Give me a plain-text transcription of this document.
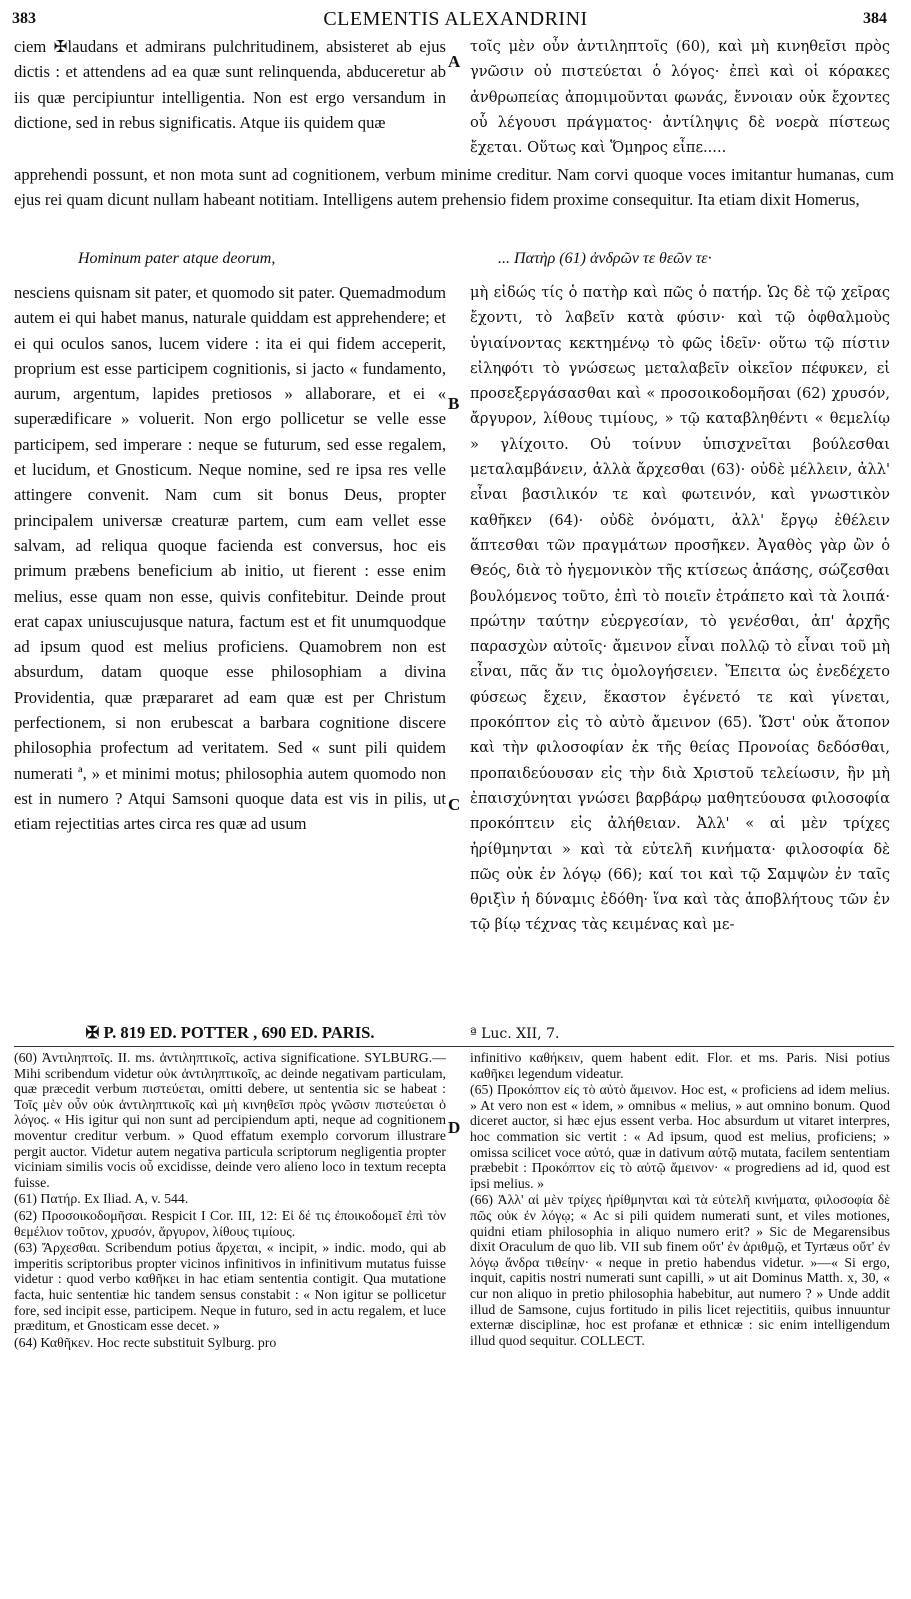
383	CLEMENTIS ALEXANDRINI	384

ciem ✠laudans et admirans pulchritudinem, absisteret ab ejus dictis : et attendens ad ea quæ sunt relinquenda, abduceretur ab iis quæ percipiuntur intelligentia. Non est ergo versandum in dictione, sed in rebus significatis. Atque iis quidem quæ

A

τοῖς μὲν οὖν ἀντιληπτοῖς (60), καὶ μὴ κινηθεῖσι πρὸς γνῶσιν οὐ πιστεύεται ὁ λόγος· ἐπεὶ καὶ οἱ κόρακες ἀνθρωπείας ἀπομιμοῦνται φωνάς, ἔννοιαν οὐκ ἔχοντες οὗ λέγουσι πράγματος· ἀντίληψις δὲ νοερὰ πίστεως ἔχεται. Οὕτως καὶ Ὅμηρος εἶπε.....

apprehendi possunt, et non mota sunt ad cognitionem, verbum minime creditur. Nam corvi quoque voces imitantur humanas, cum ejus rei quam dicunt nullam habeant notitiam. Intelligens autem prehensio fidem proxime consequitur. Ita etiam dixit Homerus,

Hominum pater atque deorum,	... Πατὴρ (61) ἀνδρῶν τε θεῶν τε·

nesciens quisnam sit pater, et quomodo sit pater. Quemadmodum autem ei qui habet manus, naturale quiddam est apprehendere; et ei qui oculos sanos, lucem videre : ita ei qui fidem acceperit, proprium est esse participem cognitionis, si jacto « fundamento, aurum, argentum, lapides pretiosos » allaborare, et ei « superædificare » voluerit. Non ergo pollicetur se velle esse participem, sed imperare : neque se futurum, sed esse regalem, et lucidum, et Gnosticum. Neque nomine, sed re ipsa res velle attingere convenit. Nam cum sit bonus Deus, propter principalem universæ creaturæ partem, cum eam vellet esse salvam, ad reliqua quoque facienda est conversus, hoc eis primum præbens beneficium ab initio, ut fierent : esse enim melius, esse quam non esse, quivis confitebitur. Deinde prout erat capax uniuscujusque natura, factum est et fit unumquodque ad ipsum quod est melius proficiens. Quamobrem non est absurdum, datam quoque esse philosophiam a divina Providentia, quæ præpararet ad eam quæ est per Christum perfectionem, si non erubescat a barbara cognitione discere philosophia profectum ad veritatem. Sed « sunt pili quidem numerati ª, » et minimi motus; philosophia autem quomodo non est in numero ? Atqui Samsoni quoque data est vis in pilis, ut etiam rejectitias artes circa res quæ ad usum

✠ P. 819 ED. POTTER , 690 ED. PARIS.
B
C

μὴ εἰδώς τίς ὁ πατὴρ καὶ πῶς ὁ πατήρ. Ὡς δὲ τῷ χεῖρας ἔχοντι, τὸ λαβεῖν κατὰ φύσιν· καὶ τῷ ὀφθαλμοὺς ὑγιαίνοντας κεκτημένῳ τὸ φῶς ἰδεῖν· οὕτω τῷ πίστιν εἰληφότι τὸ γνώσεως μεταλαβεῖν οἰκεῖον πέφυκεν, εἰ προσεξεργάσασθαι καὶ « προσοικοδομῆσαι (62) χρυσόν, ἄργυρον, λίθους τιμίους, » τῷ καταβληθέντι « θεμελίῳ » γλίχοιτο. Οὐ τοίνυν ὑπισχνεῖται βούλεσθαι μεταλαμβάνειν, ἀλλὰ ἄρχεσθαι (63)· οὐδὲ μέλλειν, ἀλλ' εἶναι βασιλικόν τε καὶ φωτεινόν, καὶ γνωστικὸν καθῆκεν (64)· οὐδὲ ὀνόματι, ἀλλ' ἔργῳ ἐθέλειν ἅπτεσθαι τῶν πραγμάτων προσῆκεν. Ἀγαθὸς γὰρ ὢν ὁ Θεός, διὰ τὸ ἡγεμονικὸν τῆς κτίσεως ἁπάσης, σώζεσθαι βουλόμενος τοῦτο, ἐπὶ τὸ ποιεῖν ἐτράπετο καὶ τὰ λοιπά· πρώτην ταύτην εὐεργεσίαν, τὸ γενέσθαι, ἀπ' ἀρχῆς παρασχὼν αὐτοῖς· ἄμεινον εἶναι πολλῷ τὸ εἶναι τοῦ μὴ εἶναι, πᾶς ἄν τις ὁμολογήσειεν. Ἔπειτα ὡς ἐνεδέχετο φύσεως ἔχειν, ἕκαστον ἐγένετό τε καὶ γίνεται, προκόπτον εἰς τὸ αὐτὸ ἄμεινον (65). Ὥστ' οὐκ ἄτοπον καὶ τὴν φιλοσοφίαν ἐκ τῆς θείας Προνοίας δεδόσθαι, προπαιδεύουσαν εἰς τὴν διὰ Χριστοῦ τελείωσιν, ἢν μὴ ἐπαισχύνηται γνώσει βαρβάρῳ μαθητεύουσα φιλοσοφία προκόπτειν εἰς ἀλήθειαν. Ἀλλ' « αἱ μὲν τρίχες ἠρίθμηνται » καὶ τὰ εὐτελῆ κινήματα· φιλοσοφία δὲ πῶς οὐκ ἐν λόγῳ (66); καί τοι καὶ τῷ Σαμψὼν ἐν ταῖς θριξὶν ἡ δύναμις ἐδόθη· ἵνα καὶ τὰς ἀποβλήτους τῶν ἐν τῷ βίῳ τέχνας τὰς κειμένας καὶ με-

ª Luc. XII, 7.

(60) Ἀντιληπτοῖς. II. ms. ἀντιληπτικοῖς, activa significatione. SYLBURG.— Mihi scribendum videtur οὐκ ἀντιληπτικοῖς, ac deinde negativam particulam, quæ præcedit verbum πιστεύεται, omitti debere, ut sententia sic se habeat : Τοῖς μὲν οὖν οὐκ ἀντιληπτικοῖς καὶ μὴ κινηθεῖσι πρὸς γνῶσιν πιστεύεται ὁ λόγος. « His igitur qui non sunt ad percipiendum apti, neque ad cognitionem moventur creditur verbum. » Quod effatum exemplo corvorum illustrare pergit auctor. Videtur autem negativa particula scriptorum negligentia propter viciniam similis vocis οὗ excidisse, deinde vero alieno loco in textum recepta fuisse.

(61) Πατήρ. Ex Iliad. A, v. 544.

(62) Προσοικοδομῆσαι. Respicit I Cor. III, 12: Εἰ δέ τις ἐποικοδομεῖ ἐπὶ τὸν θεμέλιον τοῦτον, χρυσόν, ἄργυρον, λίθους τιμίους.

(63) Ἄρχεσθαι. Scribendum potius ἄρχεται, « incipit, » indic. modo, qui ab imperitis scriptoribus propter vicinos infinitivos in infinitivum mutatus fuisse videtur : quod verbo καθῆκει in hac etiam sententia contigit. Qua mutatione facta, huic sententiæ hic tandem sensus constabit : « Non igitur se pollicetur fore, sed incipit esse, participem. Neque in futuro, sed in actu regalem, et luce præditum, et Gnosticam esse decet. »

(64) Καθῆκεν. Hoc recte substituit Sylburg. pro

D

infinitivo καθήκειν, quem habent edit. Flor. et ms. Paris. Nisi potius καθῆκει legendum videatur.

(65) Προκόπτον εἰς τὸ αὐτὸ ἄμεινον. Hoc est, « proficiens ad idem melius. » At vero non est « idem, » omnibus « melius, » aut omnino bonum. Quod diceret auctor, si hæc ejus essent verba. Hoc absurdum ut vitaret interpres, hoc commation sic vertit : « Ad ipsum, quod est melius, proficiens; » omissa scilicet voce αὐτό, quæ in dativum αὐτῷ mutata, facilem sententiam præbebit : Προκόπτον εἰς τὸ αὐτῷ ἄμεινον· « progrediens ad id, quod est ipsi melius. »

(66) Ἀλλ' αἱ μὲν τρίχες ἠρίθμηνται καὶ τὰ εὐτελῆ κινήματα, φιλοσοφία δὲ πῶς οὐκ ἐν λόγῳ; « Ac si pili quidem numerati sunt, et viles motiones, quidni etiam philosophia in aliquo numero erit? » Sic de Megarensibus dixit Oraculum de quo lib. VII sub finem οὔτ' ἐν ἀριθμῷ, et Tyrtæus οὔτ' ἐν λόγῳ ἄνδρα τιθείην· « neque in pretio habendus videtur. »—« Si ergo, inquit, capitis nostri numerati sunt capilli, » ut ait Dominus Matth. x, 30, « cur non aliquo in pretio philosophia habebitur, aut numero ? » Unde addit illud de Samsone, cujus fortitudo in pilis licet rejectitiis, quibus innuuntur externæ disciplinæ, hoc est profanæ et ethnicæ : sic enim intelligendum illud quod sequitur. COLLECT.
